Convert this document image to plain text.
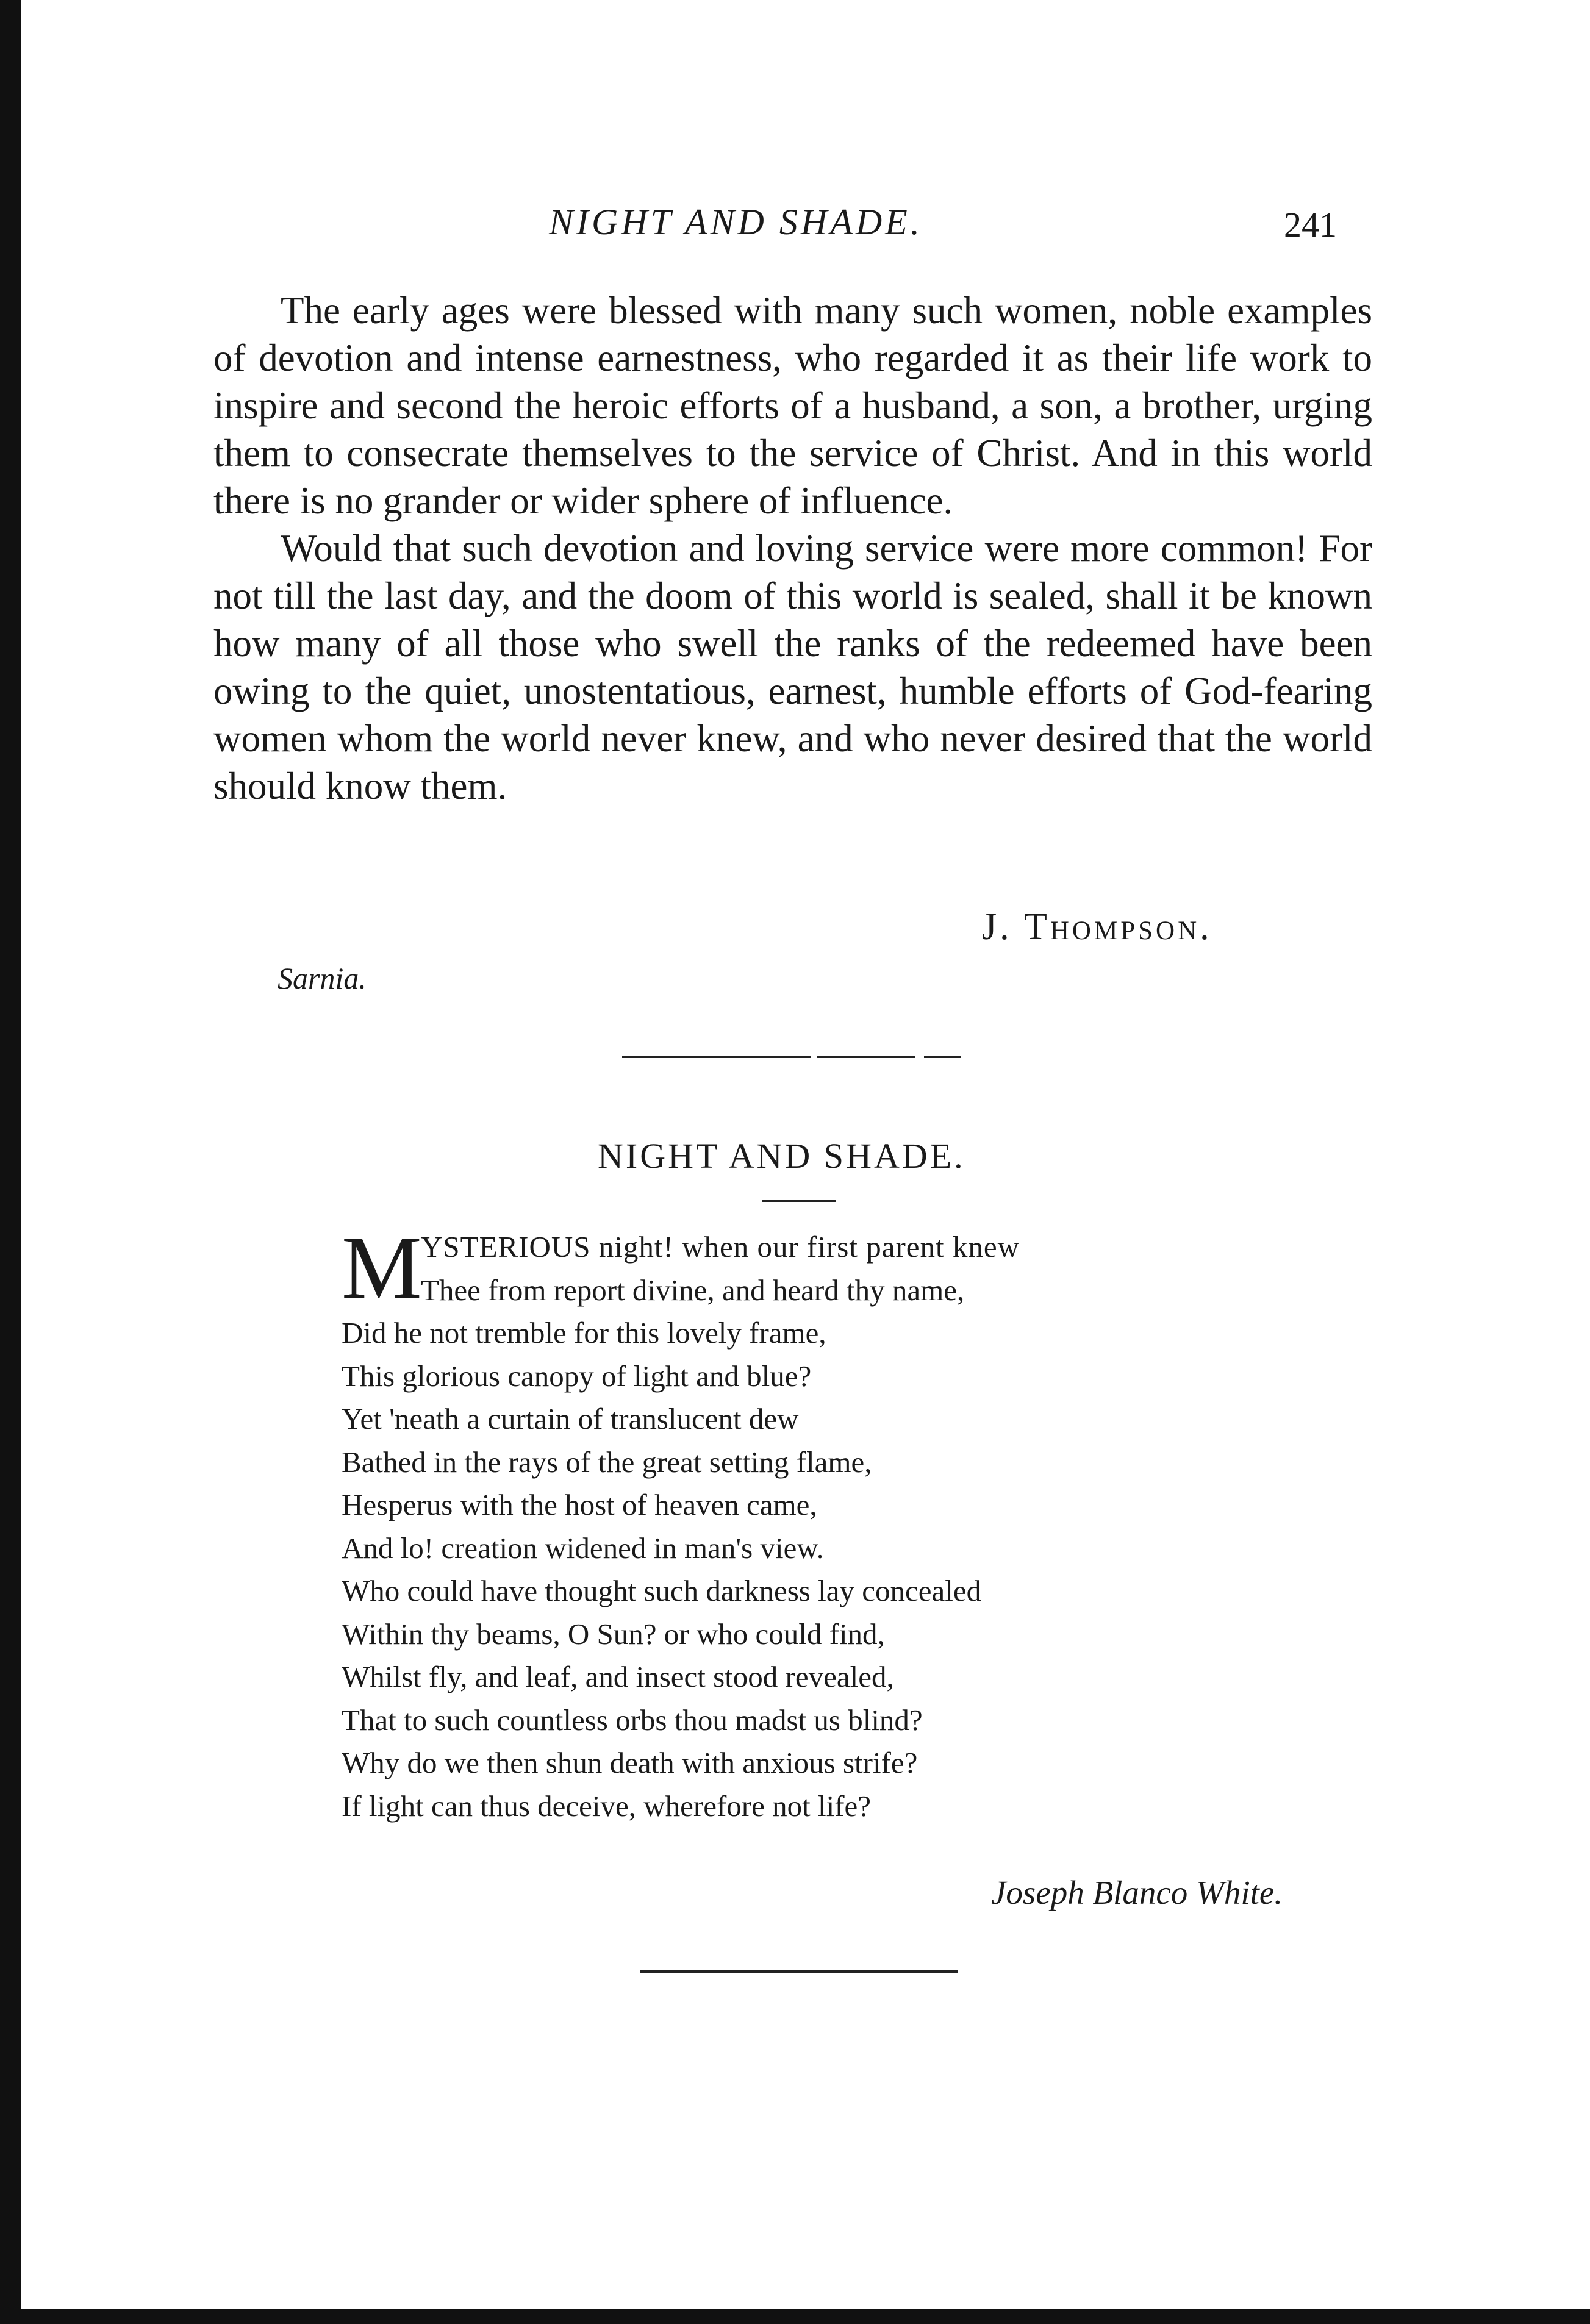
NIGHT AND SHADE.	241

The early ages were blessed with many such women, noble examples of devotion and intense earnestness, who regarded it as their life work to inspire and second the heroic efforts of a husband, a son, a brother, urging them to consecrate themselves to the service of Christ. And in this world there is no grander or wider sphere of influence.

Would that such devotion and loving service were more common! For not till the last day, and the doom of this world is sealed, shall it be known how many of all those who swell the ranks of the redeemed have been owing to the quiet, unostentatious, earnest, humble efforts of God-fearing women whom the world never knew, and who never desired that the world should know them.

J. Thompson.
Sarnia.
NIGHT AND SHADE.
M
YSTERIOUS night! when our first parent knew
Thee from report divine, and heard thy name,
Did he not tremble for this lovely frame,
This glorious canopy of light and blue?
Yet 'neath a curtain of translucent dew
Bathed in the rays of the great setting flame,
Hesperus with the host of heaven came,
And lo! creation widened in man's view.
Who could have thought such darkness lay concealed
Within thy beams, O Sun? or who could find,
Whilst fly, and leaf, and insect stood revealed,
That to such countless orbs thou madst us blind?
Why do we then shun death with anxious strife?
If light can thus deceive, wherefore not life?
Joseph Blanco White.
